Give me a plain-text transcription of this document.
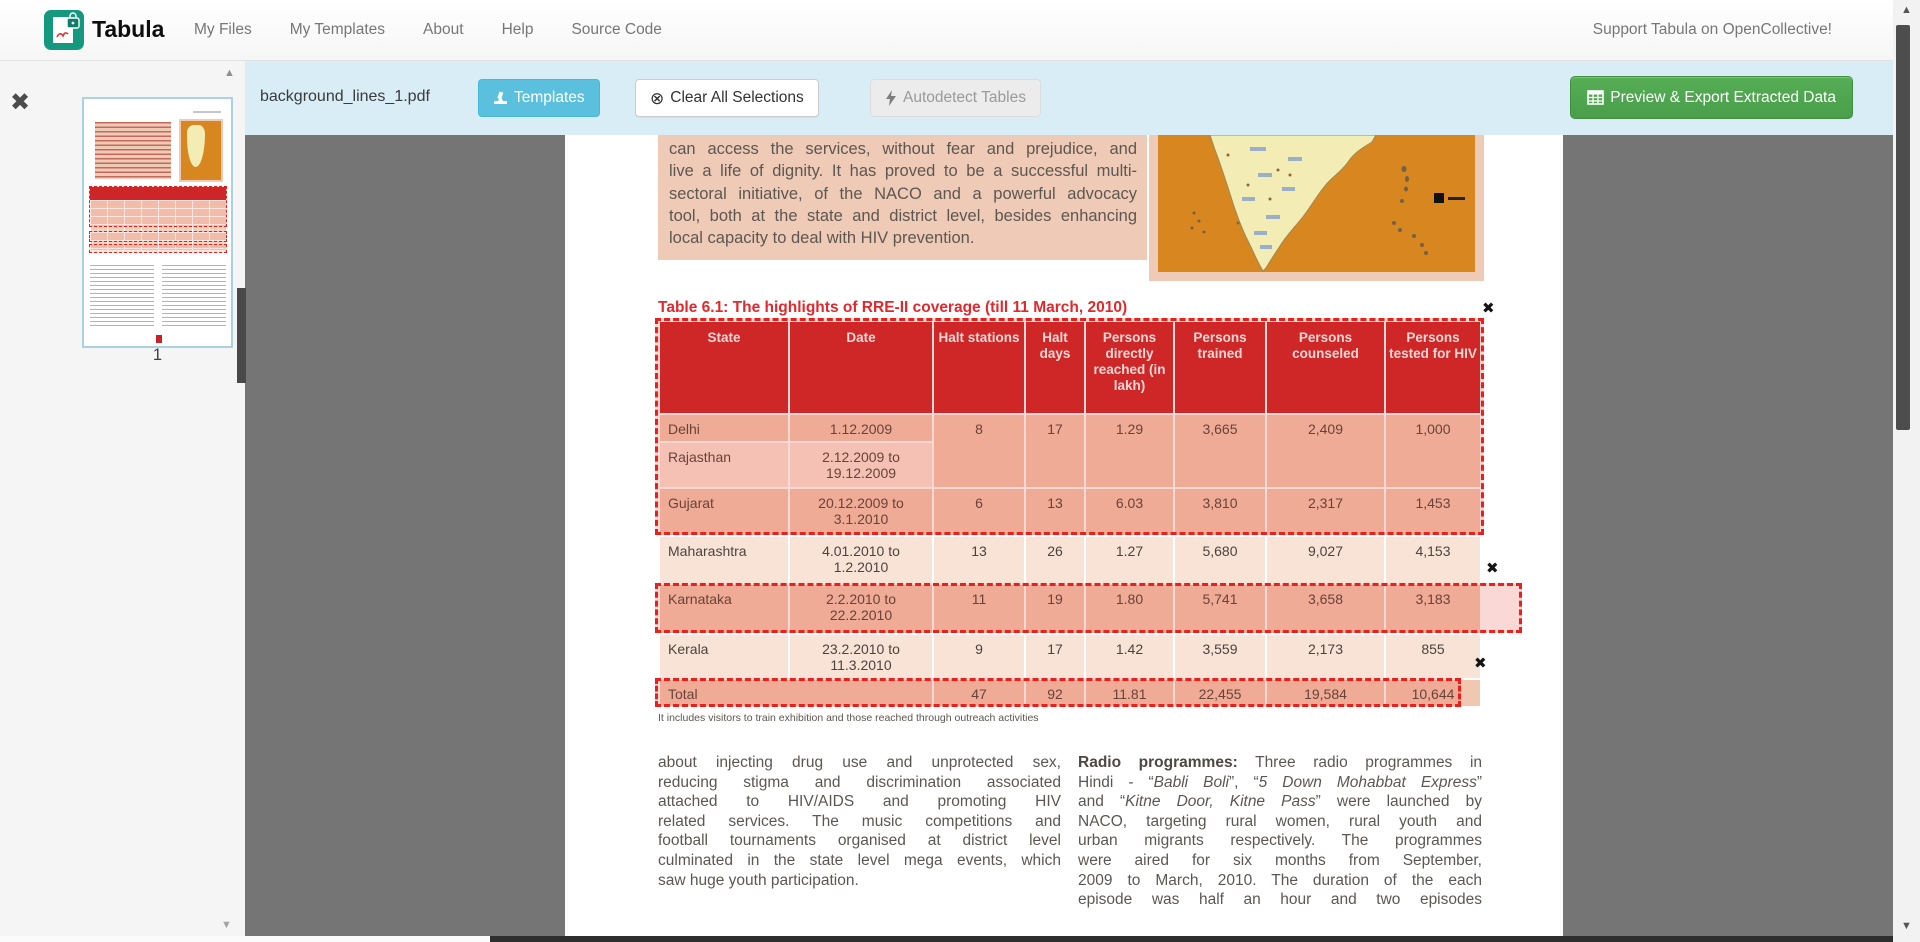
Tabula My Files My Templates About Help Source Code	Support Tabula on OpenCollective!
✖
1
▲
▼
background_lines_1.pdf	Templates	⊗ Clear All Selections	Autodetect Tables	Preview & Export Extracted Data
can access the services, without fear and prejudice, and
live a life of dignity. It has proved to be a successful multi-
sectoral initiative, of the NACO and a powerful advocacy
tool, both at the state and district level, besides enhancing
local capacity to deal with HIV prevention.
Table 6.1: The highlights of RRE-II coverage (till 11 March, 2010)
State	Date	Halt stations	Halt days	Persons directly reached (in lakh)	Persons trained	Persons counseled	Persons tested for HIV
Delhi	1.12.2009	8	17	1.29	3,665	2,409	1,000
Rajasthan	2.12.2009 to 19.12.2009						
Gujarat	20.12.2009 to 3.1.2010	6	13	6.03	3,810	2,317	1,453
Maharashtra	4.01.2010 to 1.2.2010	13	26	1.27	5,680	9,027	4,153
Karnataka	2.2.2010 to 22.2.2010	11	19	1.80	5,741	3,658	3,183
Kerala	23.2.2010 to 11.3.2010	9	17	1.42	3,559	2,173	855
Total		47	92	11.81	22,455	19,584	10,644
✖
✖
✖
It includes visitors to train exhibition and those reached through outreach activities
about injecting drug use and unprotected sex,
reducing stigma and discrimination associated
attached to HIV/AIDS and promoting HIV
related services. The music competitions and
football tournaments organised at district level
culminated in the state level mega events, which
saw huge youth participation.
Radio programmes: Three radio programmes in
Hindi - “Babli Boli”, “5 Down Mohabbat Express”
and “Kitne Door, Kitne Pass” were launched by
NACO, targeting rural women, rural youth and
urban migrants respectively. The programmes
were aired for six months from September,
2009 to March, 2010. The duration of the each
episode was half an hour and two episodes
▲
▼
